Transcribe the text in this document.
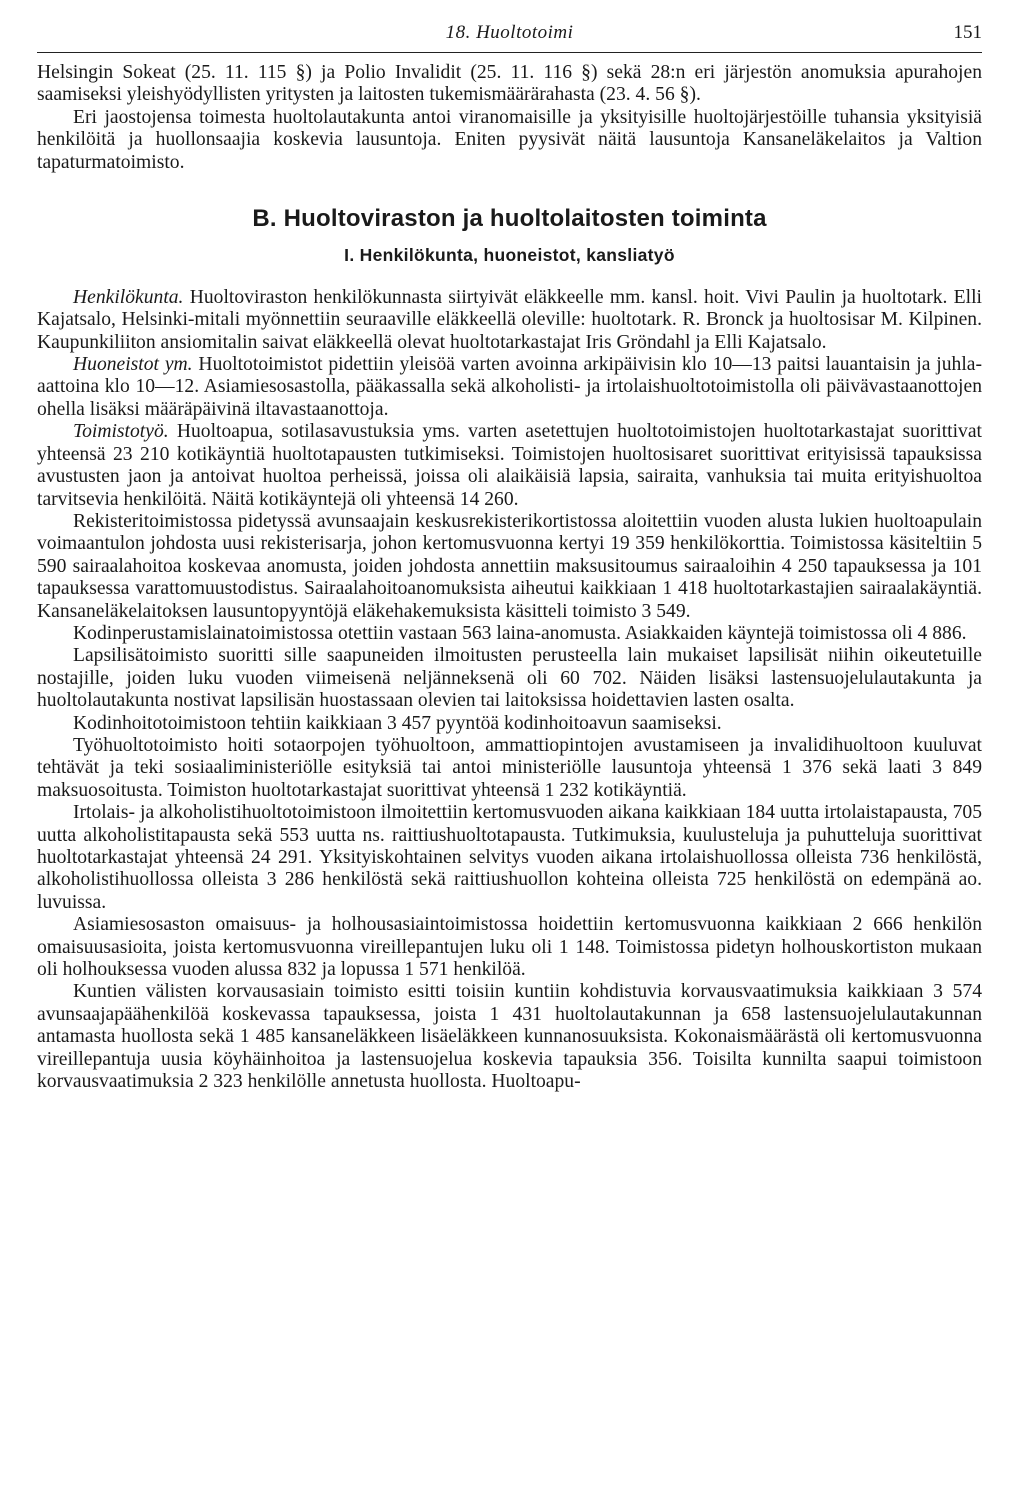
18. Huoltotoimi	151

Helsingin Sokeat (25. 11. 115 §) ja Polio Invalidit (25. 11. 116 §) sekä 28:n eri järjestön anomuksia apurahojen saamiseksi yleishyödyllisten yritysten ja laitosten tukemismäärärahasta (23. 4. 56 §).

Eri jaostojensa toimesta huoltolautakunta antoi viranomaisille ja yksityisille huoltojärjestöille tuhansia yksityisiä henkilöitä ja huollonsaajia koskevia lausuntoja. Eniten pyysivät näitä lausuntoja Kansaneläkelaitos ja Valtion tapaturmatoimisto.

B. Huoltoviraston ja huoltolaitosten toiminta
I. Henkilökunta, huoneistot, kansliatyö

Henkilökunta. Huoltoviraston henkilökunnasta siirtyivät eläkkeelle mm. kansl. hoit. Vivi Paulin ja huoltotark. Elli Kajatsalo, Helsinki-mitali myönnettiin seuraaville eläkkeellä oleville: huoltotark. R. Bronck ja huoltosisar M. Kilpinen. Kaupunkiliiton ansiomitalin saivat eläkkeellä olevat huoltotarkastajat Iris Gröndahl ja Elli Kajatsalo.

Huoneistot ym. Huoltotoimistot pidettiin yleisöä varten avoinna arkipäivisin klo 10—13 paitsi lauantaisin ja juhla-aattoina klo 10—12. Asiamiesosastolla, pääkassalla sekä alkoholisti- ja irtolaishuoltotoimistolla oli päivävastaanottojen ohella lisäksi määräpäivinä iltavastaanottoja.

Toimistotyö. Huoltoapua, sotilasavustuksia yms. varten asetettujen huoltotoimistojen huoltotarkastajat suorittivat yhteensä 23 210 kotikäyntiä huoltotapausten tutkimiseksi. Toimistojen huoltosisaret suorittivat erityisissä tapauksissa avustusten jaon ja antoivat huoltoa perheissä, joissa oli alaikäisiä lapsia, sairaita, vanhuksia tai muita erityishuoltoa tarvitsevia henkilöitä. Näitä kotikäyntejä oli yhteensä 14 260.

Rekisteritoimistossa pidetyssä avunsaajain keskusrekisterikortistossa aloitettiin vuoden alusta lukien huoltoapulain voimaantulon johdosta uusi rekisterisarja, johon kertomusvuonna kertyi 19 359 henkilökorttia. Toimistossa käsiteltiin 5 590 sairaalahoitoa koskevaa anomusta, joiden johdosta annettiin maksusitoumus sairaaloihin 4 250 tapauksessa ja 101 tapauksessa varattomuustodistus. Sairaalahoitoanomuksista aiheutui kaikkiaan 1 418 huoltotarkastajien sairaalakäyntiä. Kansaneläkelaitoksen lausuntopyyntöjä eläkehakemuksista käsitteli toimisto 3 549.

Kodinperustamislainatoimistossa otettiin vastaan 563 laina-anomusta. Asiakkaiden käyntejä toimistossa oli 4 886.

Lapsilisätoimisto suoritti sille saapuneiden ilmoitusten perusteella lain mukaiset lapsilisät niihin oikeutetuille nostajille, joiden luku vuoden viimeisenä neljänneksenä oli 60 702. Näiden lisäksi lastensuojelulautakunta ja huoltolautakunta nostivat lapsilisän huostassaan olevien tai laitoksissa hoidettavien lasten osalta.

Kodinhoitotoimistoon tehtiin kaikkiaan 3 457 pyyntöä kodinhoitoavun saamiseksi.

Työhuoltotoimisto hoiti sotaorpojen työhuoltoon, ammattiopintojen avustamiseen ja invalidihuoltoon kuuluvat tehtävät ja teki sosiaaliministeriölle esityksiä tai antoi ministeriölle lausuntoja yhteensä 1 376 sekä laati 3 849 maksuosoitusta. Toimiston huoltotarkastajat suorittivat yhteensä 1 232 kotikäyntiä.

Irtolais- ja alkoholistihuoltotoimistoon ilmoitettiin kertomusvuoden aikana kaikkiaan 184 uutta irtolaistapausta, 705 uutta alkoholistitapausta sekä 553 uutta ns. raittiushuoltotapausta. Tutkimuksia, kuulusteluja ja puhutteluja suorittivat huoltotarkastajat yhteensä 24 291. Yksityiskohtainen selvitys vuoden aikana irtolaishuollossa olleista 736 henkilöstä, alkoholistihuollossa olleista 3 286 henkilöstä sekä raittiushuollon kohteina olleista 725 henkilöstä on edempänä ao. luvuissa.

Asiamiesosaston omaisuus- ja holhousasiaintoimistossa hoidettiin kertomusvuonna kaikkiaan 2 666 henkilön omaisuusasioita, joista kertomusvuonna vireillepantujen luku oli 1 148. Toimistossa pidetyn holhouskortiston mukaan oli holhouksessa vuoden alussa 832 ja lopussa 1 571 henkilöä.

Kuntien välisten korvausasiain toimisto esitti toisiin kuntiin kohdistuvia korvausvaatimuksia kaikkiaan 3 574 avunsaajapäähenkilöä koskevassa tapauksessa, joista 1 431 huoltolautakunnan ja 658 lastensuojelulautakunnan antamasta huollosta sekä 1 485 kansaneläkkeen lisäeläkkeen kunnanosuuksista. Kokonaismäärästä oli kertomusvuonna vireillepantuja uusia köyhäinhoitoa ja lastensuojelua koskevia tapauksia 356. Toisilta kunnilta saapui toimistoon korvausvaatimuksia 2 323 henkilölle annetusta huollosta. Huoltoapu-
